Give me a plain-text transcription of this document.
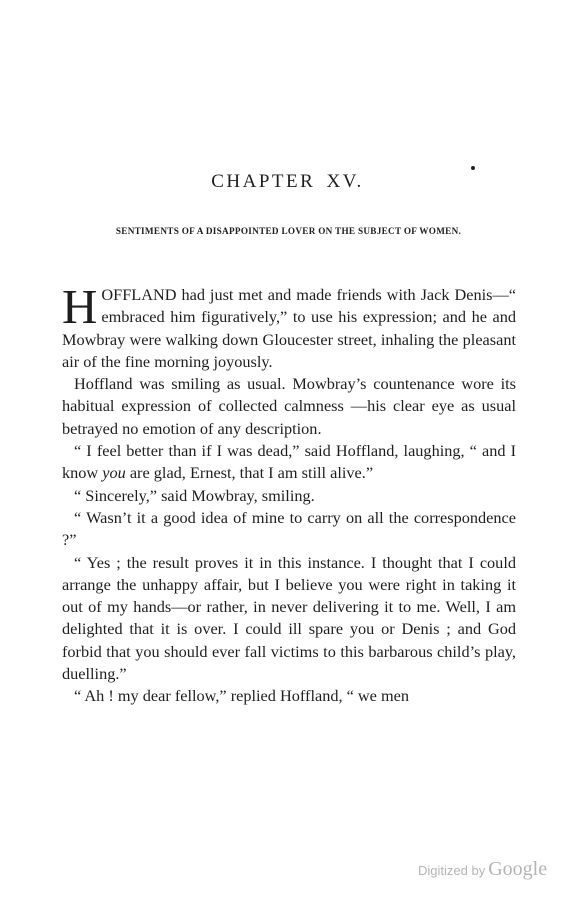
CHAPTER XV.
SENTIMENTS OF A DISAPPOINTED LOVER ON THE SUBJECT OF WOMEN.

HOFFLAND had just met and made friends with Jack Denis—“ embraced him figuratively,” to use his expression; and he and Mowbray were walking down Gloucester street, inhaling the pleasant air of the fine morning joyously.

Hoffland was smiling as usual. Mowbray’s countenance wore its habitual expression of collected calmness —his clear eye as usual betrayed no emotion of any description.

“ I feel better than if I was dead,” said Hoffland, laughing, “ and I know you are glad, Ernest, that I am still alive.”

“ Sincerely,” said Mowbray, smiling.

“ Wasn’t it a good idea of mine to carry on all the correspondence ?”

“ Yes ; the result proves it in this instance. I thought that I could arrange the unhappy affair, but I believe you were right in taking it out of my hands—or rather, in never delivering it to me. Well, I am delighted that it is over. I could ill spare you or Denis ; and God forbid that you should ever fall victims to this barbarous child’s play, duelling.”

“ Ah ! my dear fellow,” replied Hoffland, “ we men

Digitized by Google
